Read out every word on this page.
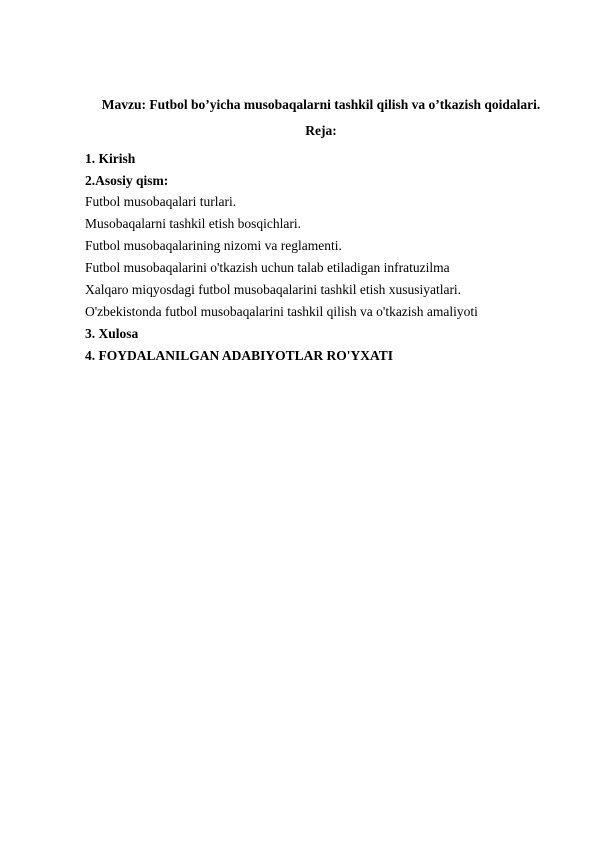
Mavzu: Futbol bo’yicha musobaqalarni tashkil qilish va o’tkazish qoidalari.
Reja:
1. Kirish
2.Asosiy qism:
Futbol musobaqalari turlari.
Musobaqalarni tashkil etish bosqichlari.
Futbol musobaqalarining nizomi va reglamenti.
Futbol musobaqalarini o'tkazish uchun talab etiladigan infratuzilma
Xalqaro miqyosdagi futbol musobaqalarini tashkil etish xususiyatlari.
O'zbekistonda futbol musobaqalarini tashkil qilish va o'tkazish amaliyoti
3. Xulosa
4. FOYDALANILGAN ADABIYOTLAR RO'YXATI
